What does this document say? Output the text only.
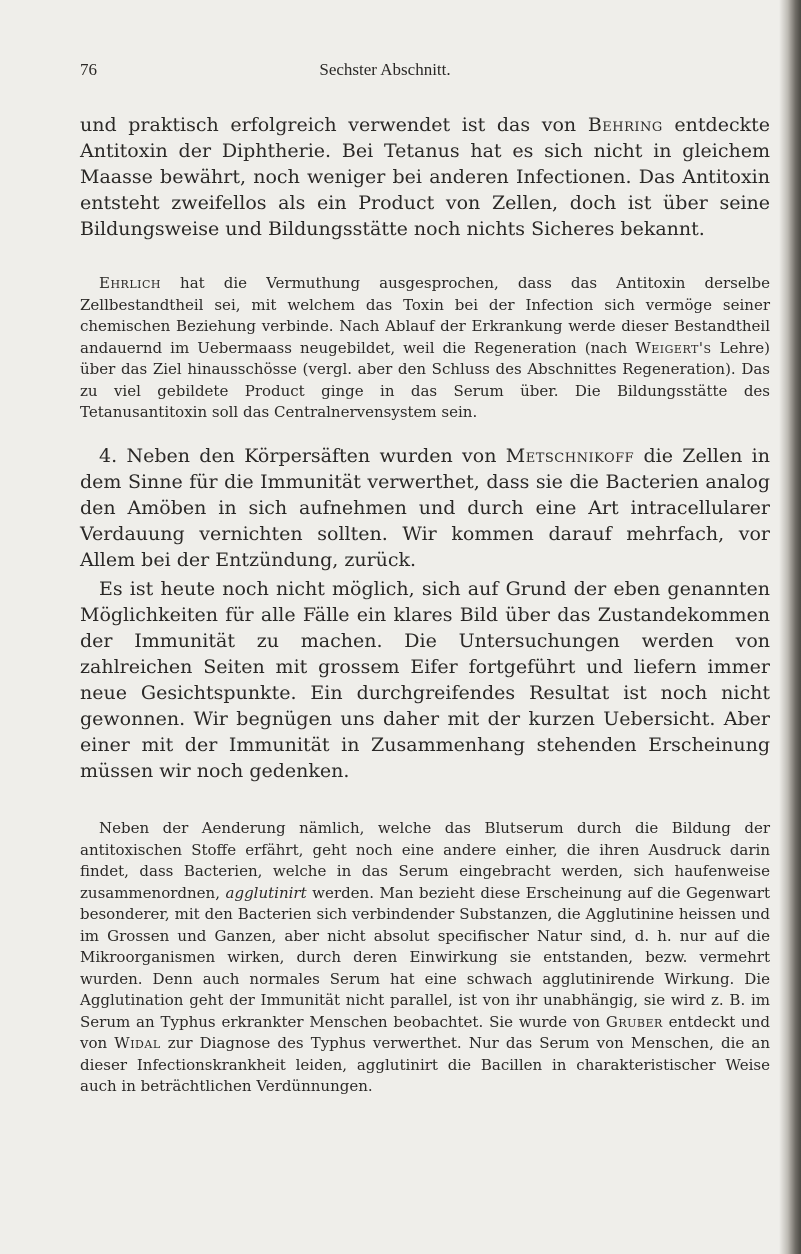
76	Sechster Abschnitt.

und praktisch erfolgreich verwendet ist das von Behring entdeckte Antitoxin der Diphtherie. Bei Tetanus hat es sich nicht in gleichem Maasse bewährt, noch weniger bei anderen Infectionen. Das Antitoxin entsteht zweifellos als ein Product von Zellen, doch ist über seine Bildungsweise und Bildungsstätte noch nichts Sicheres bekannt.

Ehrlich hat die Vermuthung ausgesprochen, dass das Antitoxin derselbe Zellbestandtheil sei, mit welchem das Toxin bei der Infection sich vermöge seiner chemischen Beziehung verbinde. Nach Ablauf der Erkrankung werde dieser Bestandtheil andauernd im Uebermaass neugebildet, weil die Regeneration (nach Weigert's Lehre) über das Ziel hinausschösse (vergl. aber den Schluss des Abschnittes Regeneration). Das zu viel gebildete Product ginge in das Serum über. Die Bildungsstätte des Tetanusantitoxin soll das Centralnervensystem sein.

4. Neben den Körpersäften wurden von Metschnikoff die Zellen in dem Sinne für die Immunität verwerthet, dass sie die Bacterien analog den Amöben in sich aufnehmen und durch eine Art intracellularer Verdauung vernichten sollten. Wir kommen darauf mehrfach, vor Allem bei der Entzündung, zurück.

Es ist heute noch nicht möglich, sich auf Grund der eben genannten Möglichkeiten für alle Fälle ein klares Bild über das Zustandekommen der Immunität zu machen. Die Untersuchungen werden von zahlreichen Seiten mit grossem Eifer fortgeführt und liefern immer neue Gesichtspunkte. Ein durchgreifendes Resultat ist noch nicht gewonnen. Wir begnügen uns daher mit der kurzen Uebersicht. Aber einer mit der Immunität in Zusammenhang stehenden Erscheinung müssen wir noch gedenken.

Neben der Aenderung nämlich, welche das Blutserum durch die Bildung der antitoxischen Stoffe erfährt, geht noch eine andere einher, die ihren Ausdruck darin findet, dass Bacterien, welche in das Serum eingebracht werden, sich haufenweise zusammenordnen, agglutinirt werden. Man bezieht diese Erscheinung auf die Gegenwart besonderer, mit den Bacterien sich verbindender Substanzen, die Agglutinine heissen und im Grossen und Ganzen, aber nicht absolut specifischer Natur sind, d. h. nur auf die Mikroorganismen wirken, durch deren Einwirkung sie entstanden, bezw. vermehrt wurden. Denn auch normales Serum hat eine schwach agglutinirende Wirkung. Die Agglutination geht der Immunität nicht parallel, ist von ihr unabhängig, sie wird z. B. im Serum an Typhus erkrankter Menschen beobachtet. Sie wurde von Gruber entdeckt und von Widal zur Diagnose des Typhus verwerthet. Nur das Serum von Menschen, die an dieser Infectionskrankheit leiden, agglutinirt die Bacillen in charakteristischer Weise auch in beträchtlichen Verdünnungen.
